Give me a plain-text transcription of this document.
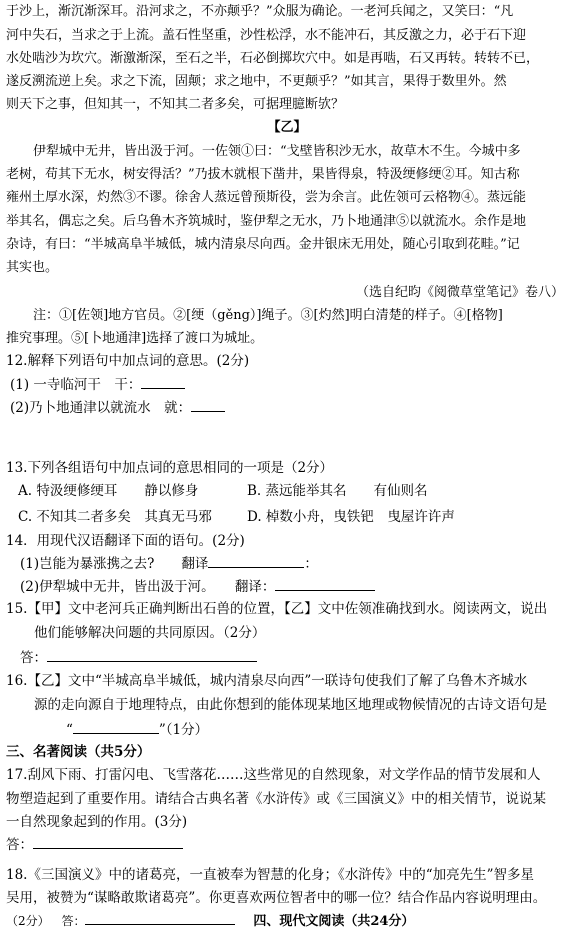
于沙上，渐沉渐深耳。沿河求之，不亦颠乎？”众服为确论。一老河兵闻之，又笑曰：“凡
河中失石，当求之于上流。盖石性坚重，沙性松浮，水不能冲石，其反激之力，必于石下迎
水处啮沙为坎穴。渐激渐深，至石之半，石必倒掷坎穴中。如是再啮，石又再转。转转不已，
遂反溯流逆上矣。求之下流，固颠；求之地中，不更颠乎？”如其言，果得于数里外。然
则天下之事，但知其一，不知其二者多矣，可据理臆断欤？
【乙】
伊犁城中无井，皆出汲于河。一佐领①曰：“戈壁皆积沙无水，故草木不生。今城中多
老树，苟其下无水，树安得活？”乃拔木就根下凿井，果皆得泉，特汲绠修绠②耳。知古称
雍州土厚水深，灼然③不谬。徐舍人蒸远曾预斯役，尝为余言。此佐领可云格物④。蒸远能
举其名，偶忘之矣。后乌鲁木齐筑城时，鉴伊犁之无水，乃卜地通津⑤以就流水。余作是地
杂诗，有曰：“半城高阜半城低，城内清泉尽向西。金井银床无用处，随心引取到花畦。”记
其实也。
（选自纪昀《阅微草堂笔记》卷八）
注：①[佐领]地方官员。②[绠（gěng）]绳子。③[灼然]明白清楚的样子。④[格物]
推究事理。⑤[卜地通津]选择了渡口为城址。
12.解释下列语句中加点词的意思。(2分)
(1) 一寺临河干　干：
(2)乃卜地通津以就流水　就：
13.下列各组语句中加点词的意思相同的一项是（2分）
A. 特汲绠修绠耳　　静以修身	B. 蒸远能举其名　　有仙则名
C. 不知其二者多矣　其真无马邪	D. 棹数小舟，曳铁钯　曳屋许许声
14．用现代汉语翻译下面的语句。(2分)
(1)岂能为暴涨携之去?　　翻译	：
(2)伊犁城中无井，皆出汲于河。　　翻译：
15.【甲】文中老河兵正确判断出石兽的位置，【乙】文中佐领准确找到水。阅读两文，说出
他们能够解决问题的共同原因。（2分）
答：
16.【乙】文中“半城高阜半城低，城内清泉尽向西”一联诗句使我们了解了乌鲁木齐城水
源的走向源自于地理特点，由此你想到的能体现某地区地理或物候情况的古诗文语句是
“	”（1分）
三、名著阅读（共5分）
17.刮风下雨、打雷闪电、飞雪落花……这些常见的自然现象，对文学作品的情节发展和人
物塑造起到了重要作用。请结合古典名著《水浒传》或《三国演义》中的相关情节，说说某
一自然现象起到的作用。(3分)
答：
18.《三国演义》中的诸葛亮，一直被奉为智慧的化身；《水浒传》中的“加亮先生”智多星
吴用，被赞为“谋略敢欺诸葛亮”。你更喜欢两位智者中的哪一位？结合作品内容说明理由。
（2分） 答：	四、现代文阅读（共24分）
